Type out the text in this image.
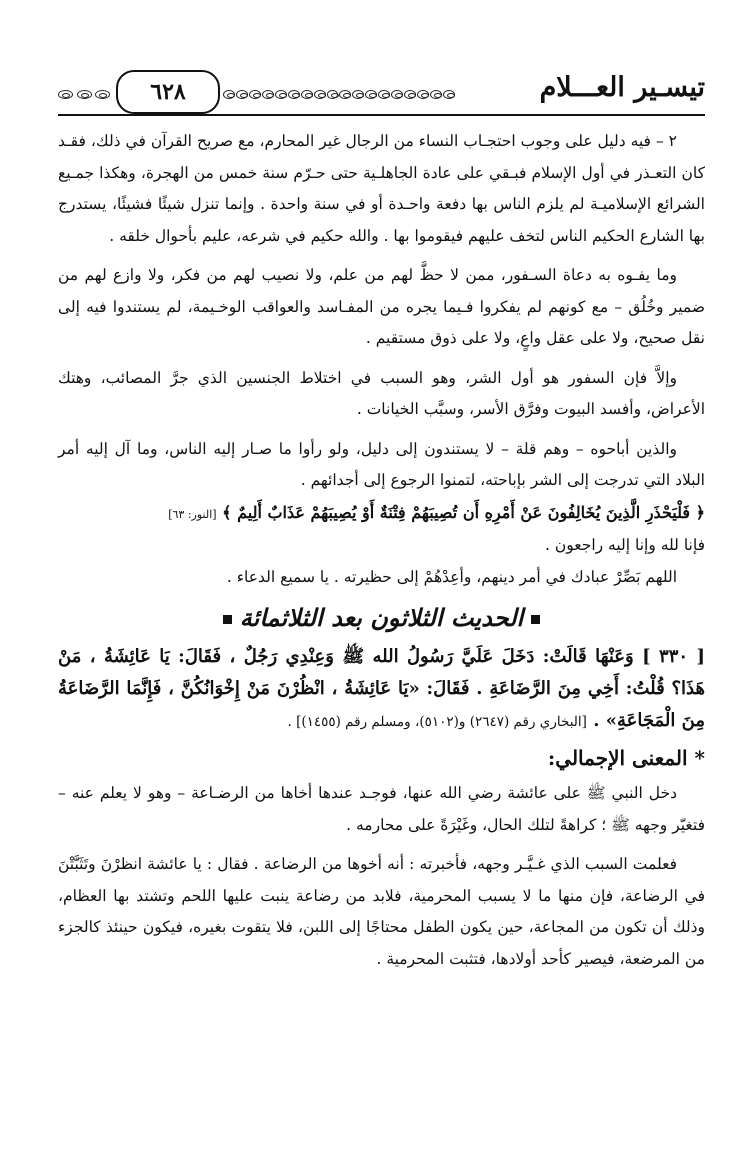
تيسـير العـــلام
٦٢٨

٢ – فيه دليل على وجوب احتجـاب النساء من الرجال غير المحارم، مع صريح القرآن في ذلك، فقـد كان التعـذر في أول الإسلام فبـقي على عادة الجاهلـية حتى حـرّم سنة خمس من الهجرة، وهكذا جمـيع الشرائع الإسلاميـة لم يلزم الناس بها دفعة واحـدة أو في سنة واحدة . وإنما تنزل شيئًا فشيئًا، يستدرج بها الشارع الحكيم الناس لتخف عليهم فيقوموا بها . والله حكيم في شرعه، عليم بأحوال خلقه .

وما يفـوه به دعاة السـفور، ممن لا حظَّ لهم من علم، ولا نصيب لهم من فكر، ولا وازع لهم من ضمير وخُلُق – مع كونهم لم يفكروا فـيما يجره من المفـاسد والعواقب الوخـيمة، لم يستندوا فيه إلى نقل صحيح، ولا على عقل واعٍ، ولا على ذوق مستقيم .

وإلاَّ فإن السفور هو أول الشر، وهو السبب في اختلاط الجنسين الذي جرَّ المصائب، وهتك الأعراض، وأفسد البيوت وفرَّق الأسر، وسبَّب الخيانات .

والذين أباحوه – وهم قلة – لا يستندون إلى دليل، ولو رأوا ما صـار إليه الناس، وما آل إليه أمر البلاد التي تدرجت إلى الشر بإباحته، لتمنوا الرجوع إلى أجدائهم .

﴿ فَلْيَحْذَرِ الَّذِينَ يُخَالِفُونَ عَنْ أَمْرِهِ أَن تُصِيبَهُمْ فِتْنَةٌ أَوْ يُصِيبَهُمْ عَذَابٌ أَلِيمٌ ﴾ [النور: ٦٣]

فإنا لله وإنا إليه راجعون .

اللهم بَصِّرْ عبادك في أمر دينهم، وأعِدْهُمْ إلى حظيرته . يا سميع الدعاء .

الحديث الثلاثون بعد الثلاثمائة

[ ٣٣٠ ] وَعَنْهَا قَالَتْ: دَخَلَ عَلَيَّ رَسُولُ الله ﷺ وَعِنْدِي رَجُلٌ ، فَقَالَ: يَا عَائِشَةُ ، مَنْ هَذَا؟ قُلْتُ: أَخِي مِنَ الرَّضَاعَةِ . فَقَالَ: «يَا عَائِشَةُ ، انْظُرْنَ مَنْ إِخْوَانُكُنَّ ، فَإِنَّمَا الرَّضَاعَةُ مِنَ الْمَجَاعَةِ» . [البخاري رقم (٢٦٤٧) و(٥١٠٢)، ومسلم رقم (١٤٥٥)] .

* المعنى الإجمالي:

دخل النبي ﷺ على عائشة رضي الله عنها، فوجـد عندها أخاها من الرضـاعة – وهو لا يعلم عنه – فتغيّر وجهه ﷺ ؛ كراهةً لتلك الحال، وغَيْرَةً على محارمه .

فعلمت السبب الذي غـيَّـر وجهه، فأخبرته : أنه أخوها من الرضاعة . فقال : يا عائشة انظرْنَ وتَثَبَّتْنَ في الرضاعة، فإن منها ما لا يسبب المحرمية، فلابد من رضاعة ينبت عليها اللحم وتشتد بها العظام، وذلك أن تكون من المجاعة، حين يكون الطفل محتاجًا إلى اللبن، فلا يتقوت بغيره، فيكون حينئذ كالجزء من المرضعة، فيصير كأحد أولادها، فتثبت المحرمية .
